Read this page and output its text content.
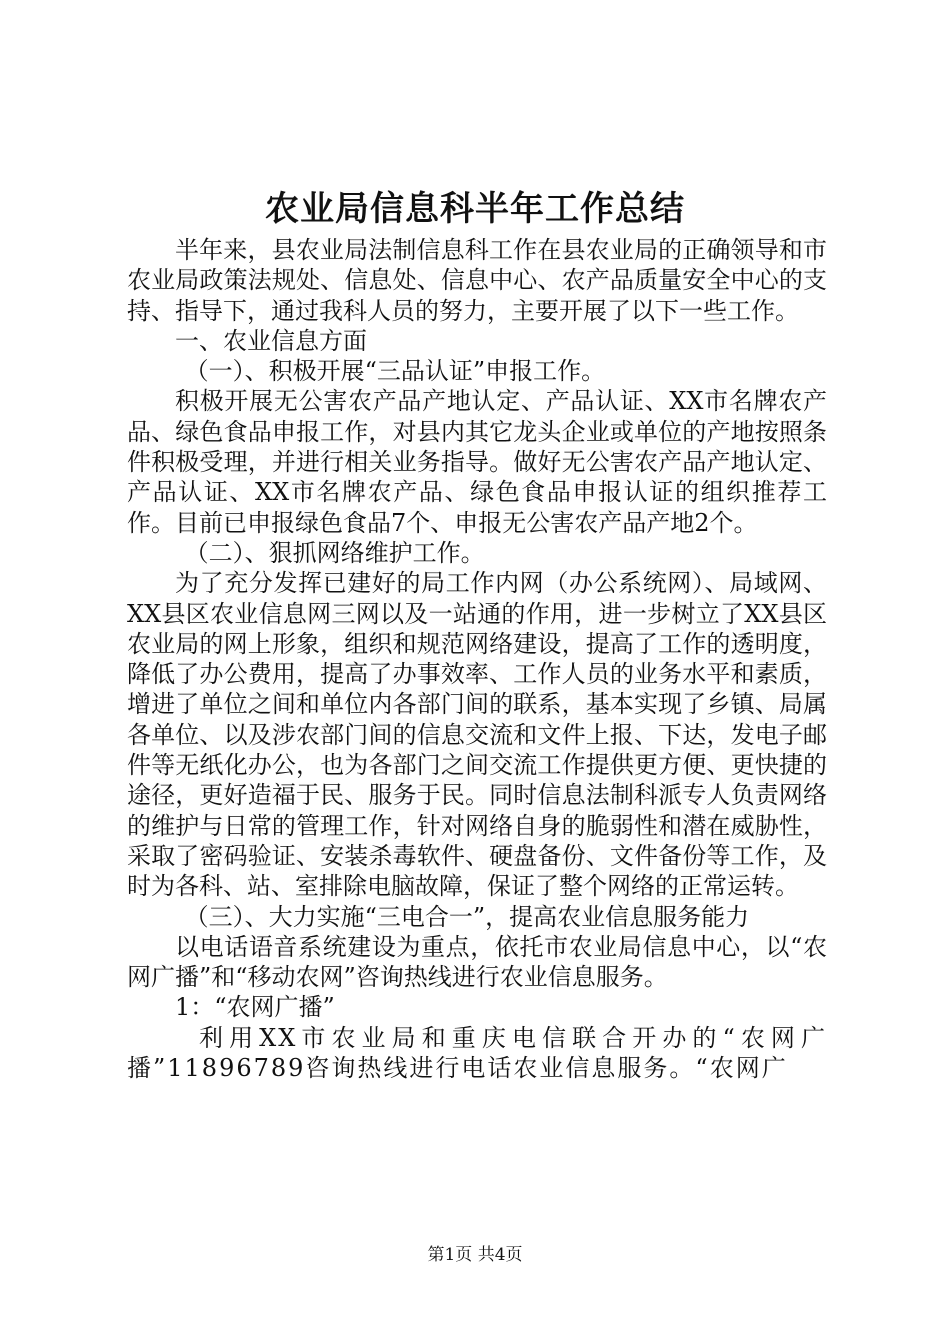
农业局信息科半年工作总结

半年来，县农业局法制信息科工作在县农业局的正确领导和市农业局政策法规处、信息处、信息中心、农产品质量安全中心的支持、指导下，通过我科人员的努力，主要开展了以下一些工作。

一、农业信息方面

（一）、积极开展“三品认证”申报工作。

积极开展无公害农产品产地认定、产品认证、XX市名牌农产品、绿色食品申报工作，对县内其它龙头企业或单位的产地按照条件积极受理，并进行相关业务指导。做好无公害农产品产地认定、产品认证、XX市名牌农产品、绿色食品申报认证的组织推荐工作。目前已申报绿色食品7个、申报无公害农产品产地2个。

（二）、狠抓网络维护工作。

为了充分发挥已建好的局工作内网（办公系统网）、局域网、XX县区农业信息网三网以及一站通的作用，进一步树立了XX县区农业局的网上形象，组织和规范网络建设，提高了工作的透明度，降低了办公费用，提高了办事效率、工作人员的业务水平和素质，增进了单位之间和单位内各部门间的联系，基本实现了乡镇、局属各单位、以及涉农部门间的信息交流和文件上报、下达，发电子邮件等无纸化办公，也为各部门之间交流工作提供更方便、更快捷的途径，更好造福于民、服务于民。同时信息法制科派专人负责网络的维护与日常的管理工作，针对网络自身的脆弱性和潜在威胁性，采取了密码验证、安装杀毒软件、硬盘备份、文件备份等工作，及时为各科、站、室排除电脑故障，保证了整个网络的正常运转。

（三）、大力实施“三电合一”，提高农业信息服务能力

以电话语音系统建设为重点，依托市农业局信息中心，以“农网广播”和“移动农网”咨询热线进行农业信息服务。

1：“农网广播”

利用XX市农业局和重庆电信联合开办的“农网广播”11896789咨询热线进行电话农业信息服务。“农网广

第1页 共4页
